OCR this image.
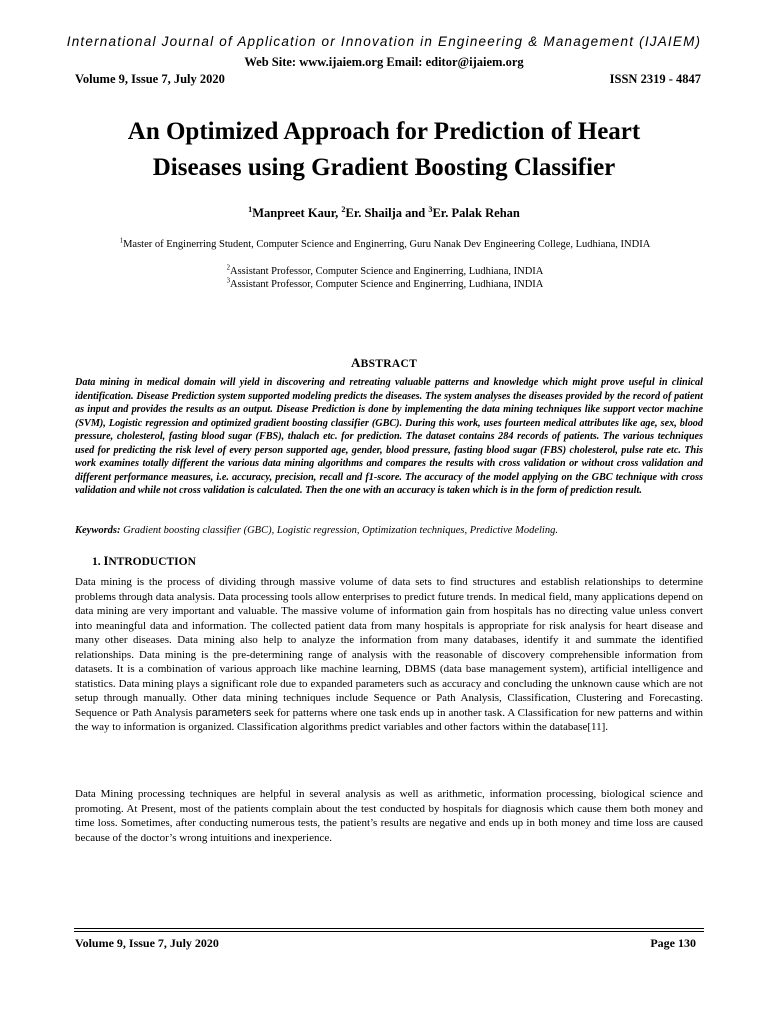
International Journal of Application or Innovation in Engineering & Management (IJAIEM)
Web Site: www.ijaiem.org Email: editor@ijaiem.org
Volume 9, Issue 7, July 2020	ISSN 2319 - 4847
An Optimized Approach for Prediction of Heart
Diseases using Gradient Boosting Classifier
$^1$Manpreet Kaur, $^2$Er. Shailja and $^3$Er. Palak Rehan
$^1$Master of Enginerring Student, Computer Science and Enginerring, Guru Nanak Dev Engineering College, Ludhiana, INDIA
$^2$Assistant Professor, Computer Science and Enginerring, Ludhiana, INDIA
$^3$Assistant Professor, Computer Science and Enginerring, Ludhiana, INDIA
ABSTRACT
Data mining in medical domain will yield in discovering and retreating valuable patterns and knowledge which might prove useful in clinical identification. Disease Prediction system supported modeling predicts the diseases. The system analyses the diseases provided by the record of patient as input and provides the results as an output. Disease Prediction is done by implementing the data mining techniques like support vector machine (SVM), Logistic regression and optimized gradient boosting classifier (GBC). During this work, uses fourteen medical attributes like age, sex, blood pressure, cholesterol, fasting blood sugar (FBS), thalach etc. for prediction. The dataset contains 284 records of patients. The various techniques used for predicting the risk level of every person supported age, gender, blood pressure, fasting blood sugar (FBS) cholesterol, pulse rate etc. This work examines totally different the various data mining algorithms and compares the results with cross validation or without cross validation and different performance measures, i.e. accuracy, precision, recall and f1-score. The accuracy of the model applying on the GBC technique with cross validation and while not cross validation is calculated. Then the one with an accuracy is taken which is in the form of prediction result.
Keywords: Gradient boosting classifier (GBC), Logistic regression, Optimization techniques, Predictive Modeling.
1. INTRODUCTION
Data mining is the process of dividing through massive volume of data sets to find structures and establish relationships to determine problems through data analysis. Data processing tools allow enterprises to predict future trends. In medical field, many applications depend on data mining are very important and valuable. The massive volume of information gain from hospitals has no directing value unless convert into meaningful data and information. The collected patient data from many hospitals is appropriate for risk analysis for heart disease and many other diseases. Data mining also help to analyze the information from many databases, identify it and summate the identified relationships. Data mining is the pre-determining range of analysis with the reasonable of discovery comprehensible information from datasets. It is a combination of various approach like machine learning, DBMS (data base management system), artificial intelligence and statistics. Data mining plays a significant role due to expanded parameters such as accuracy and concluding the unknown cause which are not setup through manually. Other data mining techniques include Sequence or Path Analysis, Classification, Clustering and Forecasting. Sequence or Path Analysis parameters seek for patterns where one task ends up in another task. A Classification for new patterns and within the way to information is organized. Classification algorithms predict variables and other factors within the database[11].
Data Mining processing techniques are helpful in several analysis as well as arithmetic, information processing, biological science and promoting. At Present, most of the patients complain about the test conducted by hospitals for diagnosis which cause them both money and time loss. Sometimes, after conducting numerous tests, the patient’s results are negative and ends up in both money and time loss are caused because of the doctor’s wrong intuitions and inexperience.
Volume 9, Issue 7, July 2020	Page 130
